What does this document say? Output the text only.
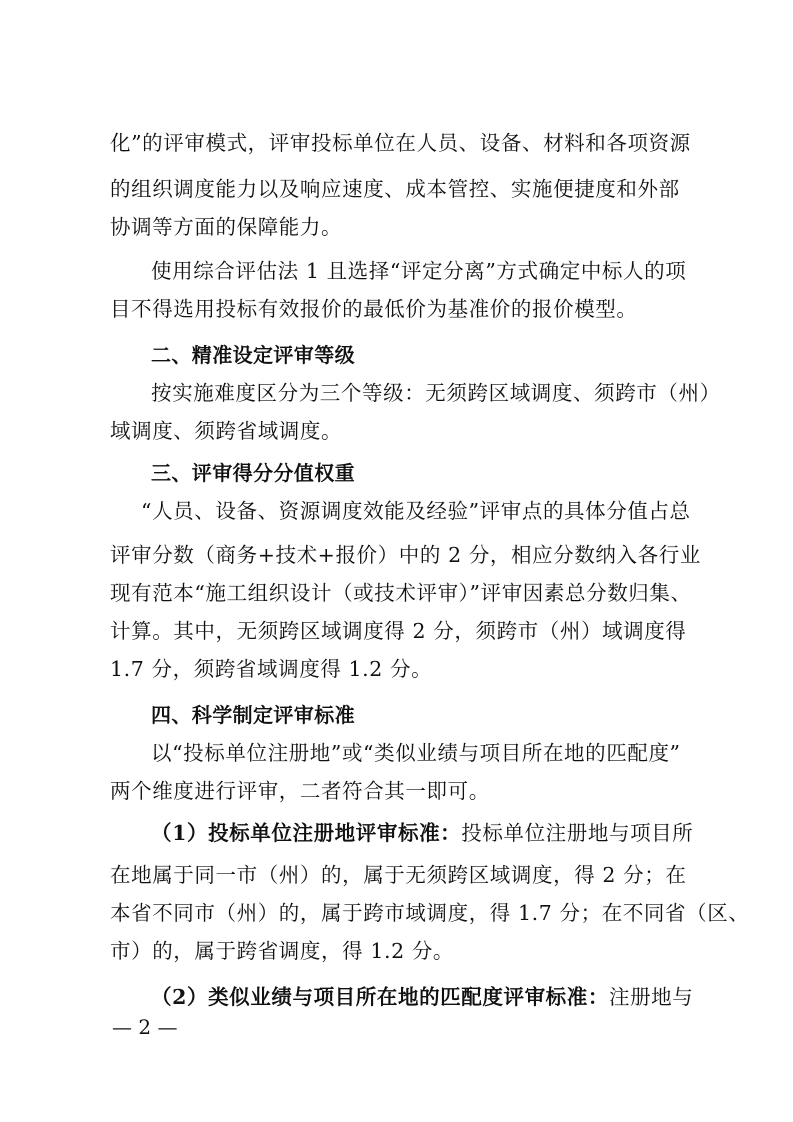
化”的评审模式，评审投标单位在人员、设备、材料和各项资源
的组织调度能力以及响应速度、成本管控、实施便捷度和外部
协调等方面的保障能力。
使用综合评估法 1 且选择“评定分离”方式确定中标人的项
目不得选用投标有效报价的最低价为基准价的报价模型。
二、精准设定评审等级
按实施难度区分为三个等级：无须跨区域调度、须跨市（州）
域调度、须跨省域调度。
三、评审得分分值权重
“人员、设备、资源调度效能及经验”评审点的具体分值占总
评审分数（商务+技术+报价）中的 2 分，相应分数纳入各行业
现有范本“施工组织设计（或技术评审）”评审因素总分数归集、
计算。其中，无须跨区域调度得 2 分，须跨市（州）域调度得
1.7 分，须跨省域调度得 1.2 分。
四、科学制定评审标准
以“投标单位注册地”或“类似业绩与项目所在地的匹配度”
两个维度进行评审，二者符合其一即可。
（1）投标单位注册地评审标准：投标单位注册地与项目所
在地属于同一市（州）的，属于无须跨区域调度，得 2 分；在
本省不同市（州）的，属于跨市域调度，得 1.7 分；在不同省（区、
市）的，属于跨省调度，得 1.2 分。
（2）类似业绩与项目所在地的匹配度评审标准：注册地与
— 2 —
